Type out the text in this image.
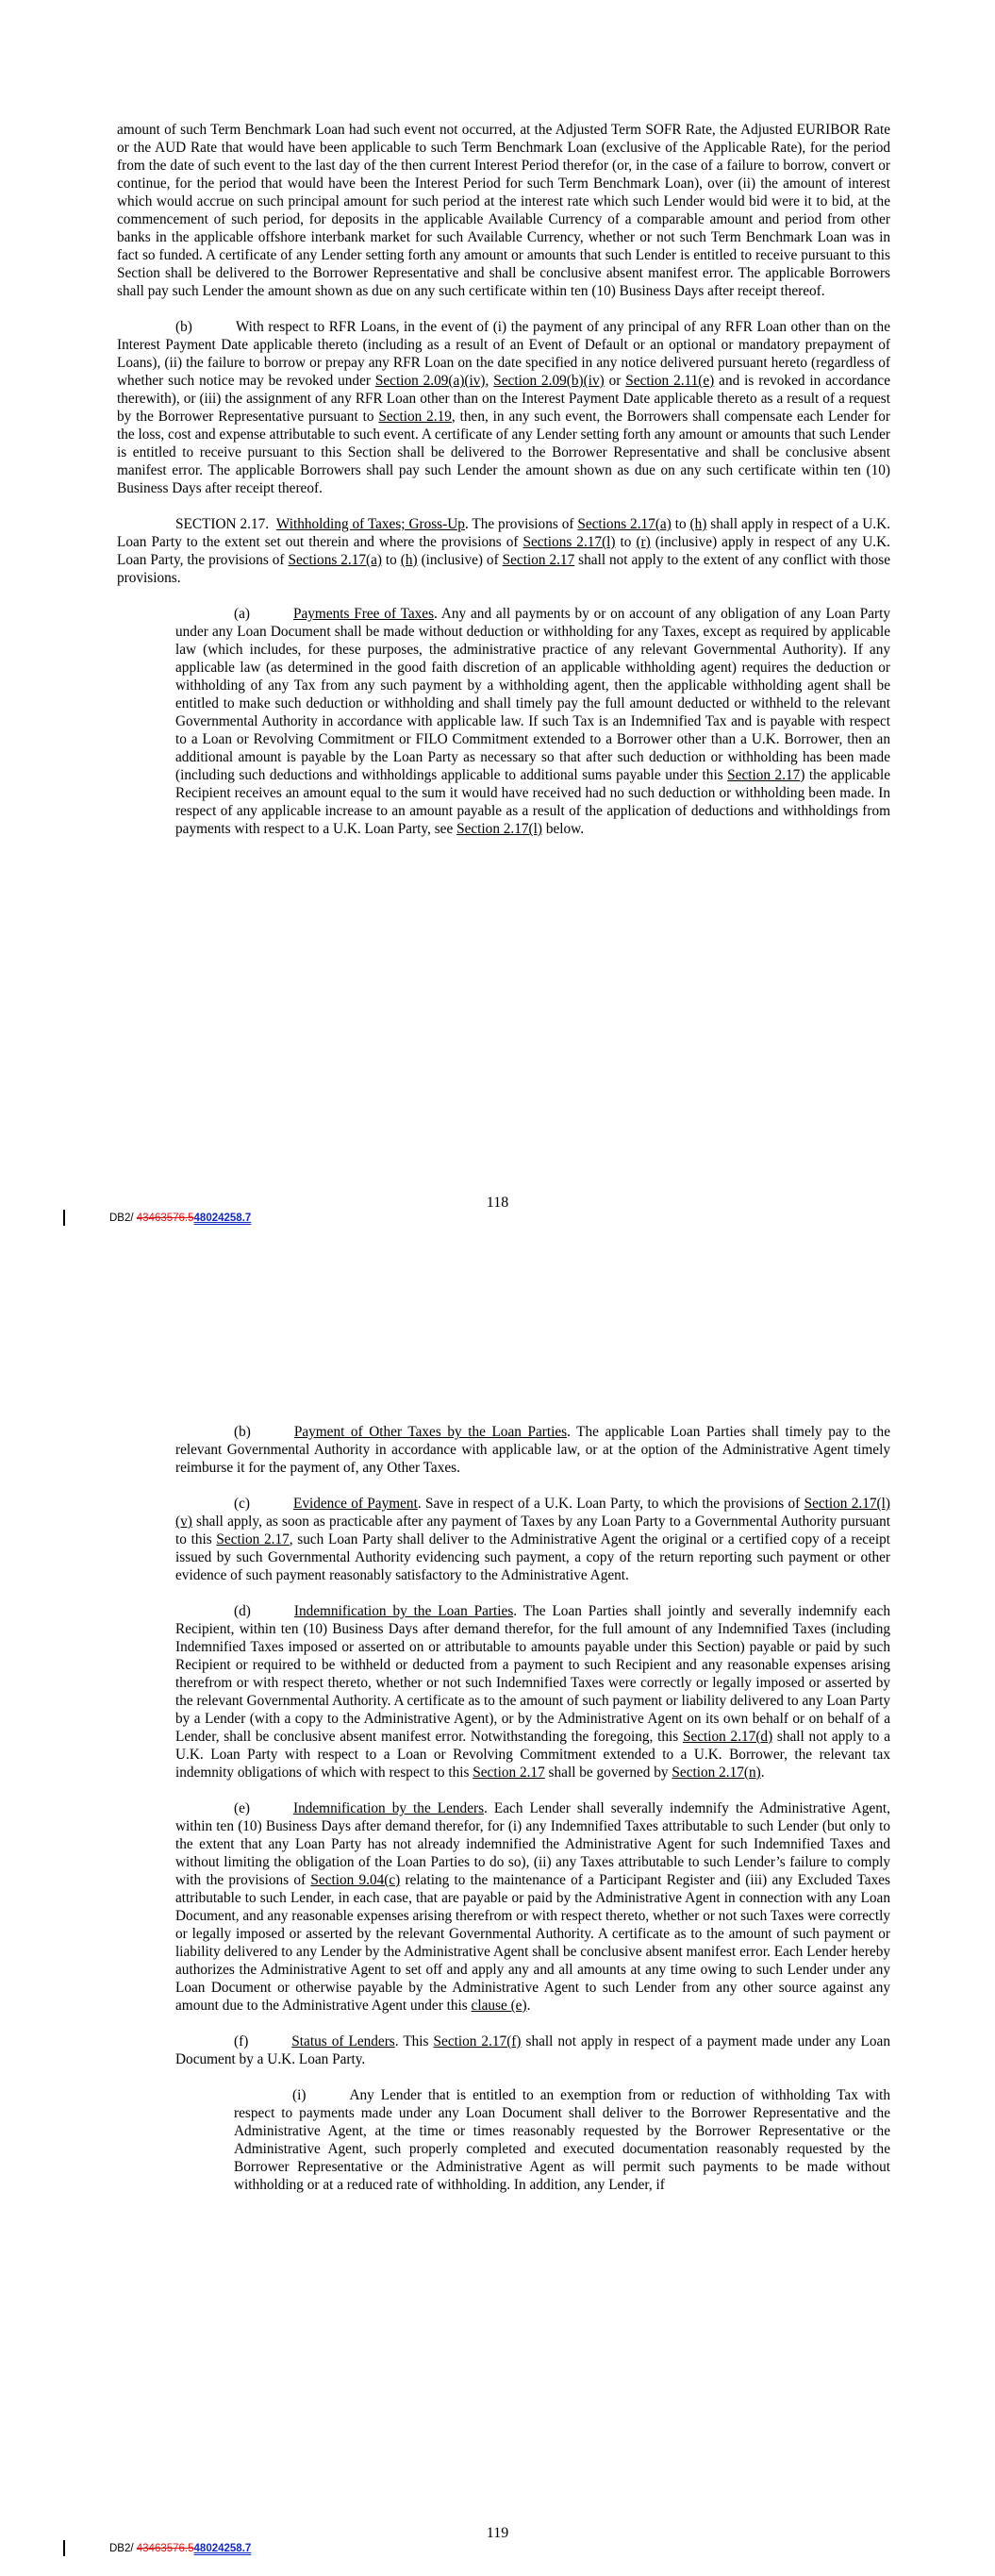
amount of such Term Benchmark Loan had such event not occurred, at the Adjusted Term SOFR Rate, the Adjusted EURIBOR Rate or the AUD Rate that would have been applicable to such Term Benchmark Loan (exclusive of the Applicable Rate), for the period from the date of such event to the last day of the then current Interest Period therefor (or, in the case of a failure to borrow, convert or continue, for the period that would have been the Interest Period for such Term Benchmark Loan), over (ii) the amount of interest which would accrue on such principal amount for such period at the interest rate which such Lender would bid were it to bid, at the commencement of such period, for deposits in the applicable Available Currency of a comparable amount and period from other banks in the applicable offshore interbank market for such Available Currency, whether or not such Term Benchmark Loan was in fact so funded. A certificate of any Lender setting forth any amount or amounts that such Lender is entitled to receive pursuant to this Section shall be delivered to the Borrower Representative and shall be conclusive absent manifest error. The applicable Borrowers shall pay such Lender the amount shown as due on any such certificate within ten (10) Business Days after receipt thereof.

(b)	With respect to RFR Loans, in the event of (i) the payment of any principal of any RFR Loan other than on the Interest Payment Date applicable thereto (including as a result of an Event of Default or an optional or mandatory prepayment of Loans), (ii) the failure to borrow or prepay any RFR Loan on the date specified in any notice delivered pursuant hereto (regardless of whether such notice may be revoked under Section 2.09(a)(iv), Section 2.09(b)(iv) or Section 2.11(e) and is revoked in accordance therewith), or (iii) the assignment of any RFR Loan other than on the Interest Payment Date applicable thereto as a result of a request by the Borrower Representative pursuant to Section 2.19, then, in any such event, the Borrowers shall compensate each Lender for the loss, cost and expense attributable to such event. A certificate of any Lender setting forth any amount or amounts that such Lender is entitled to receive pursuant to this Section shall be delivered to the Borrower Representative and shall be conclusive absent manifest error. The applicable Borrowers shall pay such Lender the amount shown as due on any such certificate within ten (10) Business Days after receipt thereof.

SECTION 2.17. Withholding of Taxes; Gross-Up. The provisions of Sections 2.17(a) to (h) shall apply in respect of a U.K. Loan Party to the extent set out therein and where the provisions of Sections 2.17(l) to (r) (inclusive) apply in respect of any U.K. Loan Party, the provisions of Sections 2.17(a) to (h) (inclusive) of Section 2.17 shall not apply to the extent of any conflict with those provisions.

(a)	Payments Free of Taxes. Any and all payments by or on account of any obligation of any Loan Party under any Loan Document shall be made without deduction or withholding for any Taxes, except as required by applicable law (which includes, for these purposes, the administrative practice of any relevant Governmental Authority). If any applicable law (as determined in the good faith discretion of an applicable withholding agent) requires the deduction or withholding of any Tax from any such payment by a withholding agent, then the applicable withholding agent shall be entitled to make such deduction or withholding and shall timely pay the full amount deducted or withheld to the relevant Governmental Authority in accordance with applicable law. If such Tax is an Indemnified Tax and is payable with respect to a Loan or Revolving Commitment or FILO Commitment extended to a Borrower other than a U.K. Borrower, then an additional amount is payable by the Loan Party as necessary so that after such deduction or withholding has been made (including such deductions and withholdings applicable to additional sums payable under this Section 2.17) the applicable Recipient receives an amount equal to the sum it would have received had no such deduction or withholding been made. In respect of any applicable increase to an amount payable as a result of the application of deductions and withholdings from payments with respect to a U.K. Loan Party, see Section 2.17(l) below.

DB2/ 43463576.548024258.7
118

(b)	Payment of Other Taxes by the Loan Parties. The applicable Loan Parties shall timely pay to the relevant Governmental Authority in accordance with applicable law, or at the option of the Administrative Agent timely reimburse it for the payment of, any Other Taxes.

(c)	Evidence of Payment. Save in respect of a U.K. Loan Party, to which the provisions of Section 2.17(l)(v) shall apply, as soon as practicable after any payment of Taxes by any Loan Party to a Governmental Authority pursuant to this Section 2.17, such Loan Party shall deliver to the Administrative Agent the original or a certified copy of a receipt issued by such Governmental Authority evidencing such payment, a copy of the return reporting such payment or other evidence of such payment reasonably satisfactory to the Administrative Agent.

(d)	Indemnification by the Loan Parties. The Loan Parties shall jointly and severally indemnify each Recipient, within ten (10) Business Days after demand therefor, for the full amount of any Indemnified Taxes (including Indemnified Taxes imposed or asserted on or attributable to amounts payable under this Section) payable or paid by such Recipient or required to be withheld or deducted from a payment to such Recipient and any reasonable expenses arising therefrom or with respect thereto, whether or not such Indemnified Taxes were correctly or legally imposed or asserted by the relevant Governmental Authority. A certificate as to the amount of such payment or liability delivered to any Loan Party by a Lender (with a copy to the Administrative Agent), or by the Administrative Agent on its own behalf or on behalf of a Lender, shall be conclusive absent manifest error. Notwithstanding the foregoing, this Section 2.17(d) shall not apply to a U.K. Loan Party with respect to a Loan or Revolving Commitment extended to a U.K. Borrower, the relevant tax indemnity obligations of which with respect to this Section 2.17 shall be governed by Section 2.17(n).

(e)	Indemnification by the Lenders. Each Lender shall severally indemnify the Administrative Agent, within ten (10) Business Days after demand therefor, for (i) any Indemnified Taxes attributable to such Lender (but only to the extent that any Loan Party has not already indemnified the Administrative Agent for such Indemnified Taxes and without limiting the obligation of the Loan Parties to do so), (ii) any Taxes attributable to such Lender’s failure to comply with the provisions of Section 9.04(c) relating to the maintenance of a Participant Register and (iii) any Excluded Taxes attributable to such Lender, in each case, that are payable or paid by the Administrative Agent in connection with any Loan Document, and any reasonable expenses arising therefrom or with respect thereto, whether or not such Taxes were correctly or legally imposed or asserted by the relevant Governmental Authority. A certificate as to the amount of such payment or liability delivered to any Lender by the Administrative Agent shall be conclusive absent manifest error. Each Lender hereby authorizes the Administrative Agent to set off and apply any and all amounts at any time owing to such Lender under any Loan Document or otherwise payable by the Administrative Agent to such Lender from any other source against any amount due to the Administrative Agent under this clause (e).

(f)	Status of Lenders. This Section 2.17(f) shall not apply in respect of a payment made under any Loan Document by a U.K. Loan Party.

(i)	Any Lender that is entitled to an exemption from or reduction of withholding Tax with respect to payments made under any Loan Document shall deliver to the Borrower Representative and the Administrative Agent, at the time or times reasonably requested by the Borrower Representative or the Administrative Agent, such properly completed and executed documentation reasonably requested by the Borrower Representative or the Administrative Agent as will permit such payments to be made without withholding or at a reduced rate of withholding. In addition, any Lender, if

DB2/ 43463576.548024258.7
119
